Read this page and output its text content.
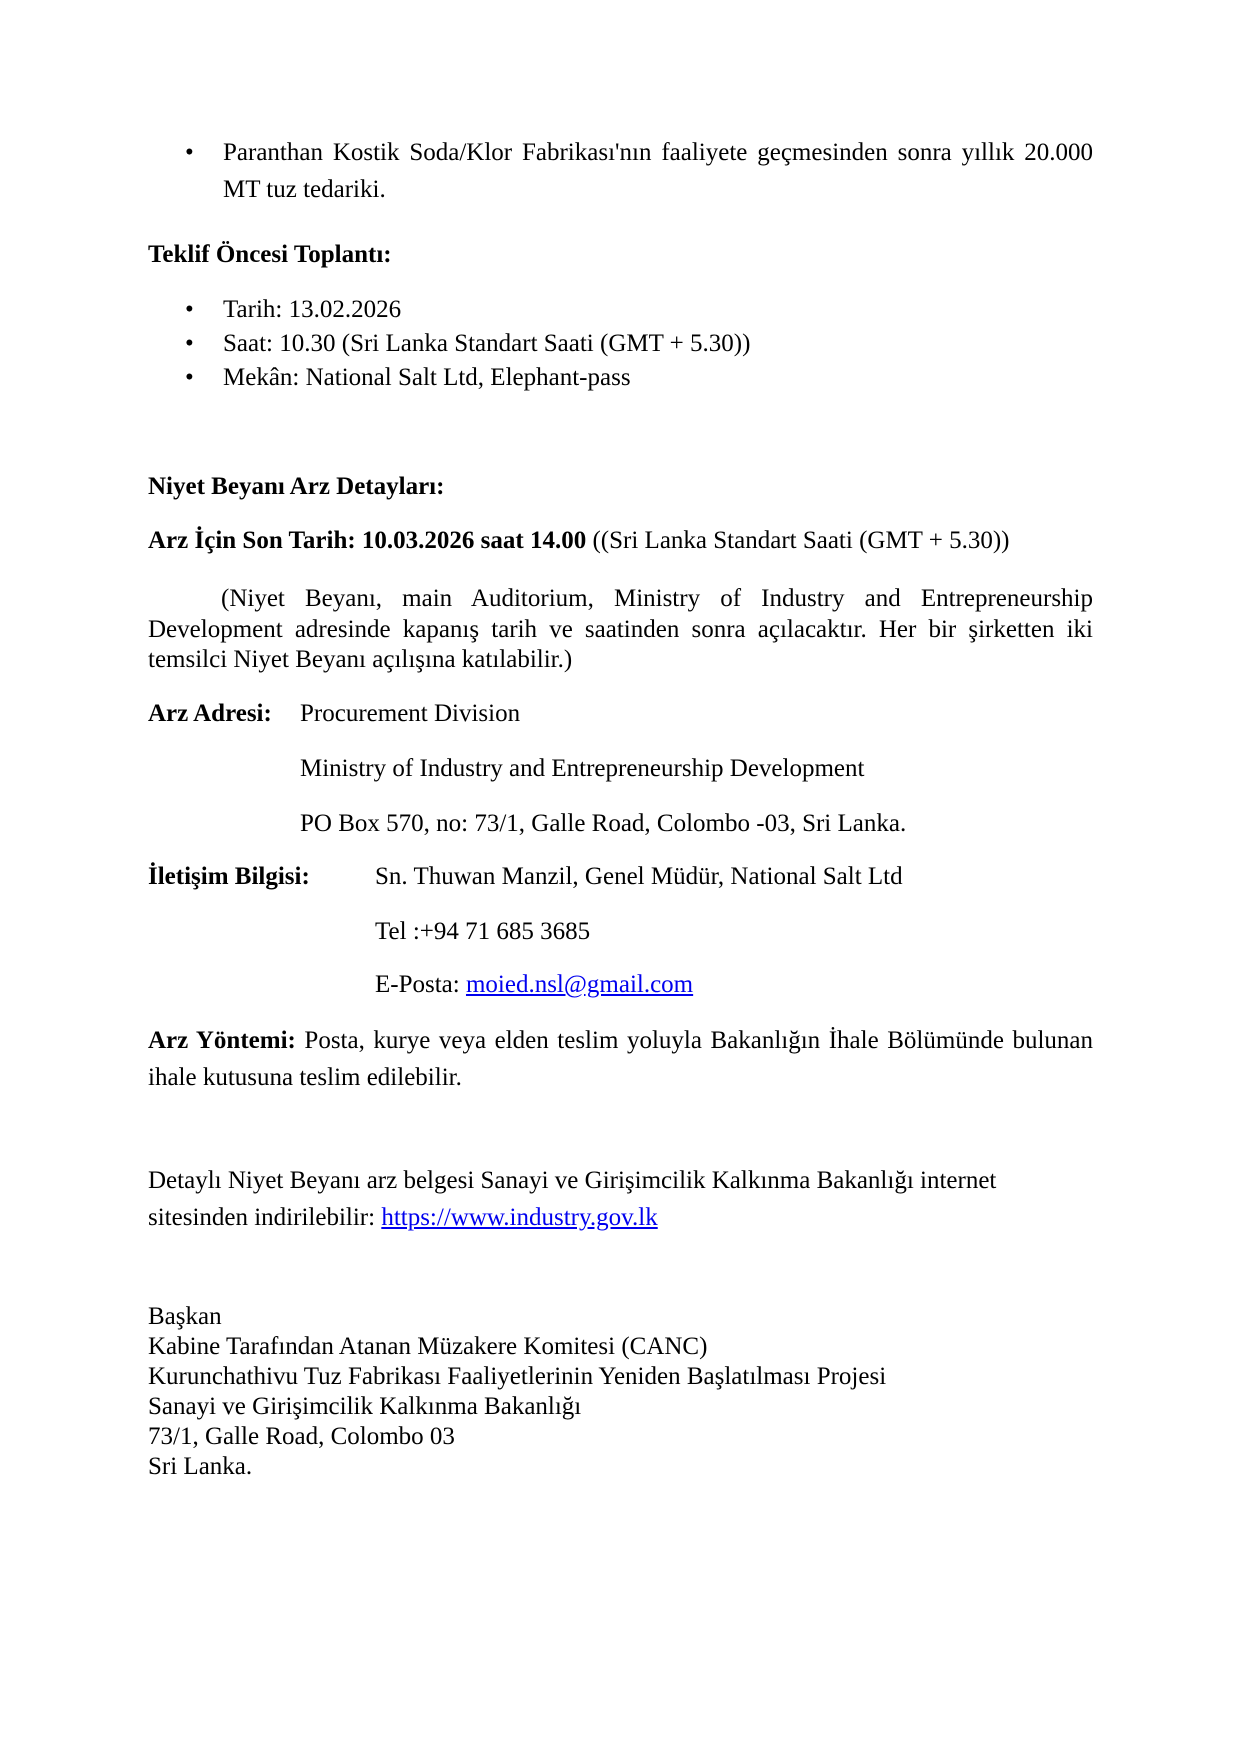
• Paranthan Kostik Soda/Klor Fabrikası'nın faaliyete geçmesinden sonra yıllık 20.000 MT tuz tedariki.
Teklif Öncesi Toplantı:
• Tarih: 13.02.2026
• Saat: 10.30 (Sri Lanka Standart Saati (GMT + 5.30))
• Mekân: National Salt Ltd, Elephant-pass
Niyet Beyanı Arz Detayları:
Arz İçin Son Tarih: 10.03.2026 saat 14.00 ((Sri Lanka Standart Saati (GMT + 5.30))
(Niyet Beyanı, main Auditorium, Ministry of Industry and Entrepreneurship Development adresinde kapanış tarih ve saatinden sonra açılacaktır. Her bir şirketten iki temsilci Niyet Beyanı açılışına katılabilir.)
Arz Adresi: Procurement Division
Ministry of Industry and Entrepreneurship Development
PO Box 570, no: 73/1, Galle Road, Colombo -03, Sri Lanka.
İletişim Bilgisi:	Sn. Thuwan Manzil, Genel Müdür, National Salt Ltd
Tel :+94 71 685 3685
E-Posta: moied.nsl@gmail.com
Arz Yöntemi: Posta, kurye veya elden teslim yoluyla Bakanlığın İhale Bölümünde bulunan ihale kutusuna teslim edilebilir.
Detaylı Niyet Beyanı arz belgesi Sanayi ve Girişimcilik Kalkınma Bakanlığı internet sitesinden indirilebilir: https://www.industry.gov.lk
Başkan
Kabine Tarafından Atanan Müzakere Komitesi (CANC)
Kurunchathivu Tuz Fabrikası Faaliyetlerinin Yeniden Başlatılması Projesi
Sanayi ve Girişimcilik Kalkınma Bakanlığı
73/1, Galle Road, Colombo 03
Sri Lanka.
